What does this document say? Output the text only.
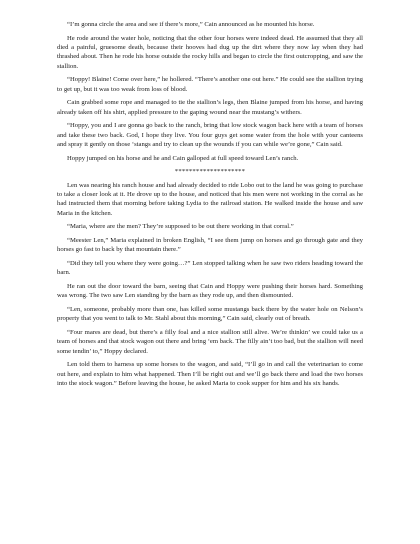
“I’m gonna circle the area and see if there’s more,” Cain announced as he mounted his horse.

He rode around the water hole, noticing that the other four horses were indeed dead. He assumed that they all died a painful, gruesome death, because their hooves had dug up the dirt where they now lay when they had thrashed about. Then he rode his horse outside the rocky hills and began to circle the first outcropping, and saw the stallion.

“Hoppy! Blaine! Come over here,” he hollered. “There’s another one out here.” He could see the stallion trying to get up, but it was too weak from loss of blood.

Cain grabbed some rope and managed to tie the stallion’s legs, then Blaine jumped from his horse, and having already taken off his shirt, applied pressure to the gaping wound near the mustang’s withers.

“Hoppy, you and I are gonna go back to the ranch, bring that low stock wagon back here with a team of horses and take these two back. God, I hope they live. You four guys get some water from the hole with your canteens and spray it gently on those ‘stangs and try to clean up the wounds if you can while we’re gone,” Cain said.

Hoppy jumped on his horse and he and Cain galloped at full speed toward Len’s ranch.

********************

Len was nearing his ranch house and had already decided to ride Lobo out to the land he was going to purchase to take a closer look at it. He drove up to the house, and noticed that his men were not working in the corral as he had instructed them that morning before taking Lydia to the railroad station. He walked inside the house and saw Maria in the kitchen.

“Maria, where are the men? They’re supposed to be out there working in that corral.”

“Meester Len,” Maria explained in broken English, “I see them jump on horses and go through gate and they horses go fast to back by that mountain there.”

“Did they tell you where they were going…?” Len stopped talking when he saw two riders heading toward the barn.

He ran out the door toward the barn, seeing that Cain and Hoppy were pushing their horses hard. Something was wrong. The two saw Len standing by the barn as they rode up, and then dismounted.

“Len, someone, probably more than one, has killed some mustangs back there by the water hole on Nelson’s property that you went to talk to Mr. Stahl about this morning,” Cain said, clearly out of breath.

“Four mares are dead, but there’s a filly foal and a nice stallion still alive. We’re thinkin’ we could take us a team of horses and that stock wagon out there and bring ‘em back. The filly ain’t too bad, but the stallion will need some tendin’ to,” Hoppy declared.

Len told them to harness up some horses to the wagon, and said, “I’ll go in and call the veterinarian to come out here, and explain to him what happened. Then I’ll be right out and we’ll go back there and load the two horses into the stock wagon.” Before leaving the house, he asked Maria to cook supper for him and his six hands.
